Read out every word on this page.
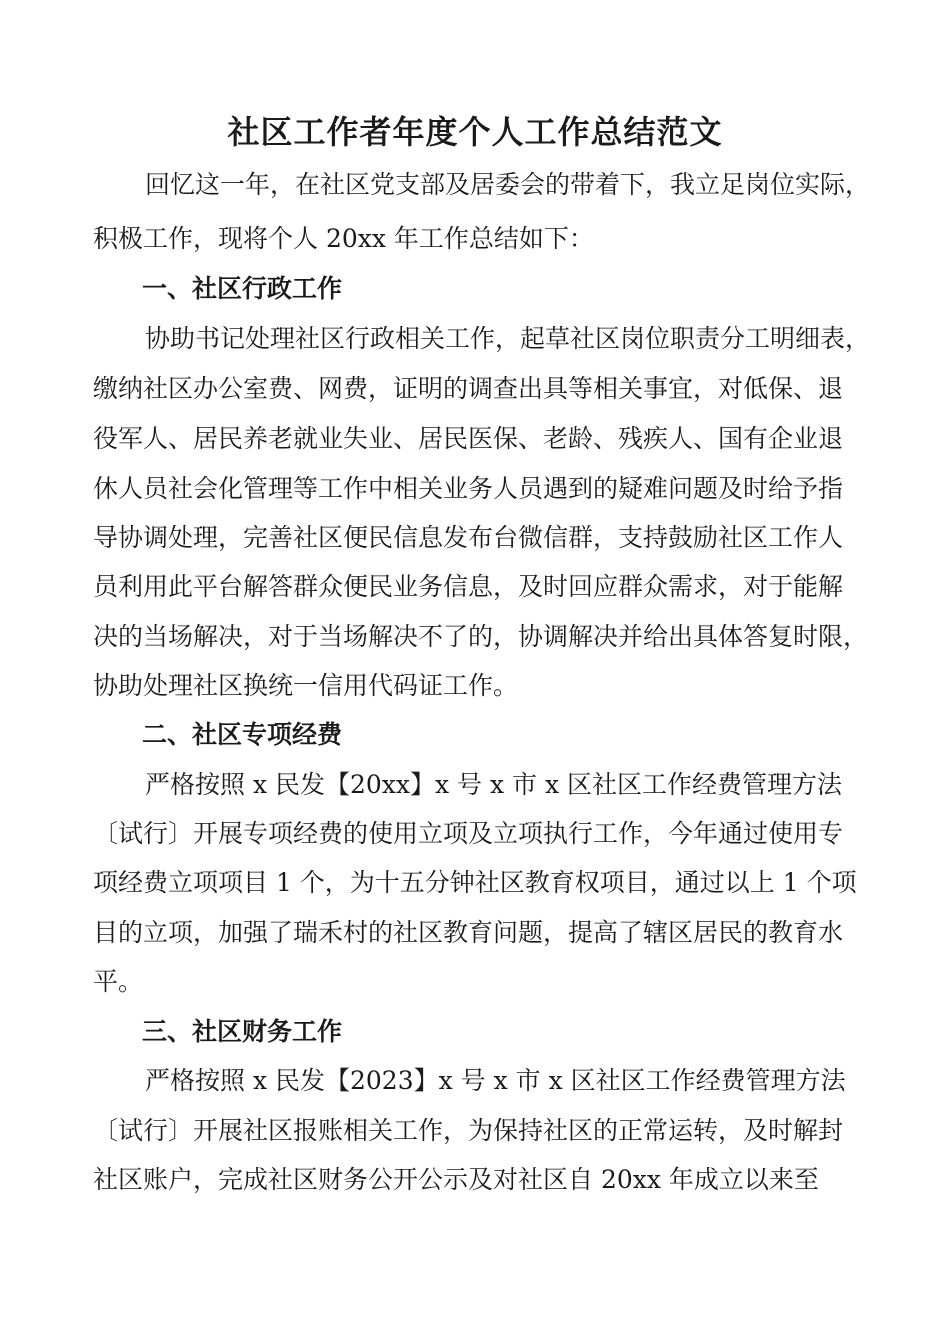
社区工作者年度个人工作总结范文

回忆这一年，在社区党支部及居委会的带着下，我立足岗位实际，

积极工作，现将个人 20xx 年工作总结如下：

一、社区行政工作

协助书记处理社区行政相关工作，起草社区岗位职责分工明细表，

缴纳社区办公室费、网费，证明的调查出具等相关事宜，对低保、退

役军人、居民养老就业失业、居民医保、老龄、残疾人、国有企业退

休人员社会化管理等工作中相关业务人员遇到的疑难问题及时给予指

导协调处理，完善社区便民信息发布台微信群，支持鼓励社区工作人

员利用此平台解答群众便民业务信息，及时回应群众需求，对于能解

决的当场解决，对于当场解决不了的，协调解决并给出具体答复时限，

协助处理社区换统一信用代码证工作。

二、社区专项经费

严格按照 x 民发【20xx】x 号 x 市 x 区社区工作经费管理方法

〔试行〕开展专项经费的使用立项及立项执行工作，今年通过使用专

项经费立项项目 1 个，为十五分钟社区教育权项目，通过以上 1 个项

目的立项，加强了瑞禾村的社区教育问题，提高了辖区居民的教育水

平。

三、社区财务工作

严格按照 x 民发【2023】x 号 x 市 x 区社区工作经费管理方法

〔试行〕开展社区报账相关工作，为保持社区的正常运转，及时解封

社区账户，完成社区财务公开公示及对社区自 20xx 年成立以来至
